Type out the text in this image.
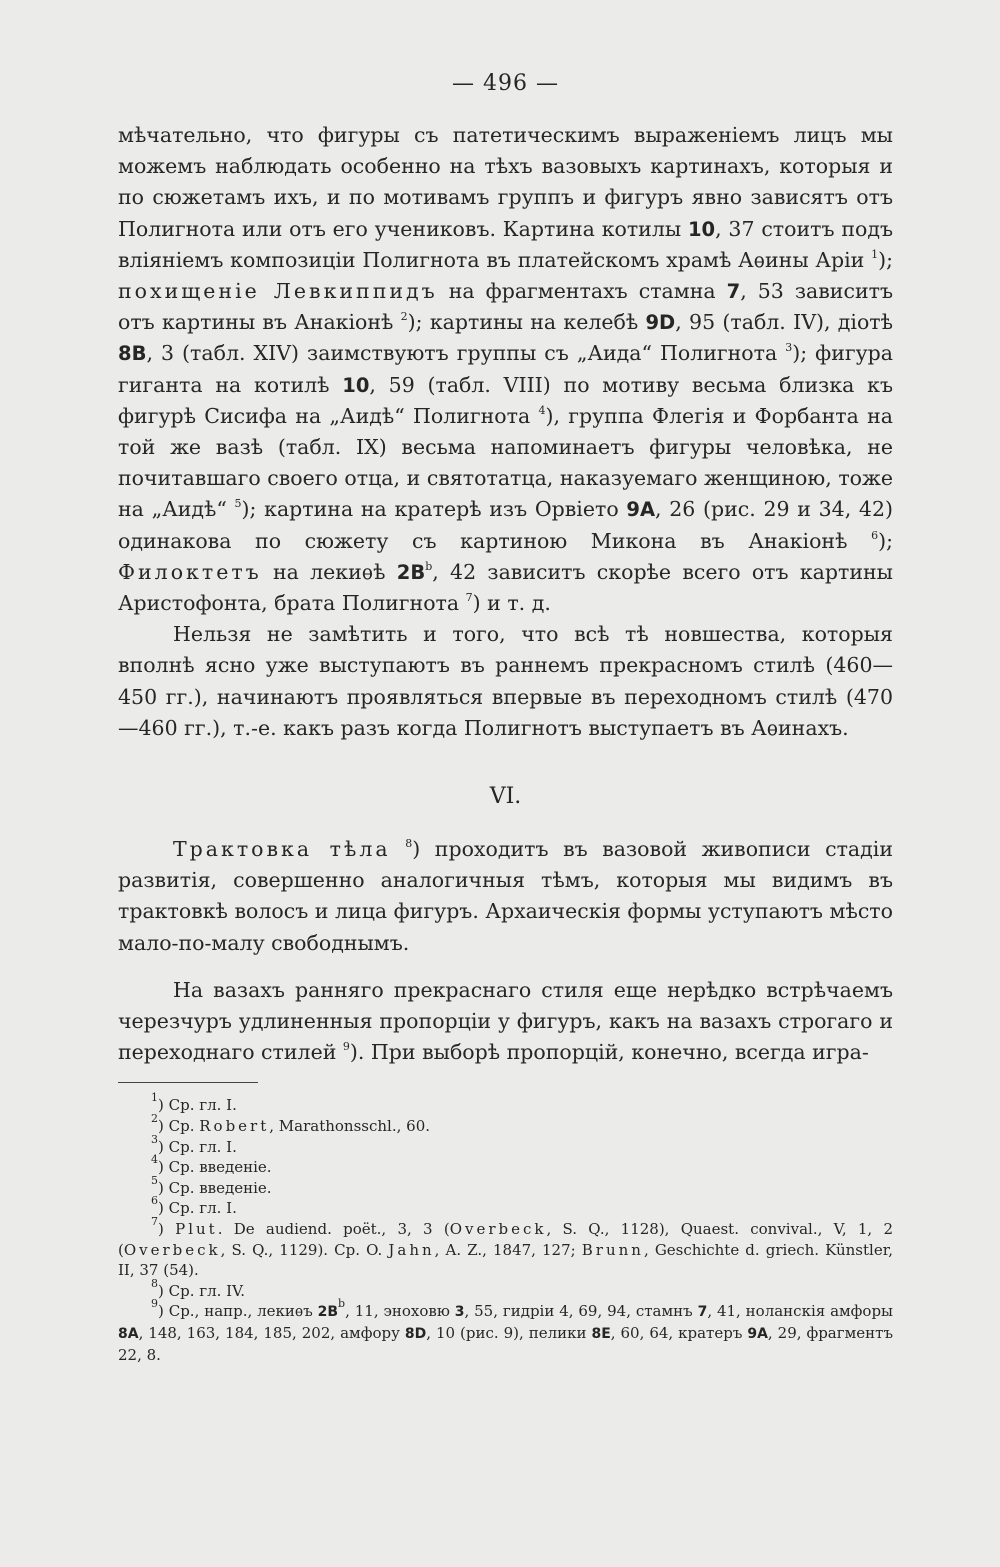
— 496 —

мѣчательно, что фигуры съ патетическимъ выраженіемъ лицъ мы можемъ наблюдать особенно на тѣхъ вазовыхъ картинахъ, которыя и по сюжетамъ ихъ, и по мотивамъ группъ и фигуръ явно зависятъ отъ Полигнота или отъ его учениковъ. Картина котилы 10, 37 стоитъ подъ вліяніемъ композиціи Полигнота въ платейскомъ храмѣ Аѳины Аріи $^1$); похищеніе Левкиппидъ на фрагментахъ стамна 7, 53 зависитъ отъ картины въ Анакіонѣ $^2$); картины на келебѣ 9D, 95 (табл. IV), діотѣ 8B, 3 (табл. XIV) заимствуютъ группы съ „Аида“ Полигнота $^3$); фигура гиганта на котилѣ 10, 59 (табл. VIII) по мотиву весьма близка къ фигурѣ Сисифа на „Аидѣ“ Полигнота $^4$), группа Флегія и Форбанта на той же вазѣ (табл. IX) весьма напоминаетъ фигуры человѣка, не почитавшаго своего отца, и святотатца, наказуемаго женщиною, тоже на „Аидѣ“ $^5$); картина на кратерѣ изъ Орвіето 9A, 26 (рис. 29 и 34, 42) одинакова по сюжету съ картиною Микона въ Анакіонѣ $^6$); Филоктетъ на лекиѳѣ $2B^b$, 42 зависитъ скорѣе всего отъ картины Аристофонта, брата Полигнота $^7$) и т. д.

Нельзя не замѣтить и того, что всѣ тѣ новшества, которыя вполнѣ ясно уже выступаютъ въ раннемъ прекрасномъ стилѣ (460—450 гг.), начинаютъ проявляться впервые въ переходномъ стилѣ (470—460 гг.), т.-е. какъ разъ когда Полигнотъ выступаетъ въ Аѳинахъ.

VI.

Трактовка тѣла $^8$) проходитъ въ вазовой живописи стадіи развитія, совершенно аналогичныя тѣмъ, которыя мы видимъ въ трактовкѣ волосъ и лица фигуръ. Архаическія формы уступаютъ мѣсто мало-по-малу свободнымъ.

На вазахъ ранняго прекраснаго стиля еще нерѣдко встрѣчаемъ черезчуръ удлиненныя пропорціи у фигуръ, какъ на вазахъ строгаго и переходнаго стилей $^9$). При выборѣ пропорцій, конечно, всегда игра-

$^1$) Ср. гл. I.

$^2$) Ср. Robert, Marathonsschl., 60.

$^3$) Ср. гл. I.

$^4$) Ср. введеніе.

$^5$) Ср. введеніе.

$^6$) Ср. гл. I.

$^7$) Plut. De audiend. poët., 3, 3 (Overbeck, S. Q., 1128), Quaest. convival., V, 1, 2 (Overbeck, S. Q., 1129). Ср. O. Jahn, A. Z., 1847, 127; Brunn, Geschichte d. griech. Künstler, II, 37 (54).

$^8$) Ср. гл. IV.

$^9$) Ср., напр., лекиѳъ $2B^b$, 11, эноховю 3, 55, гидріи 4, 69, 94, стамнъ 7, 41, ноланскія амфоры 8A, 148, 163, 184, 185, 202, амфору 8D, 10 (рис. 9), пелики 8E, 60, 64, кратеръ 9A, 29, фрагментъ 22, 8.
